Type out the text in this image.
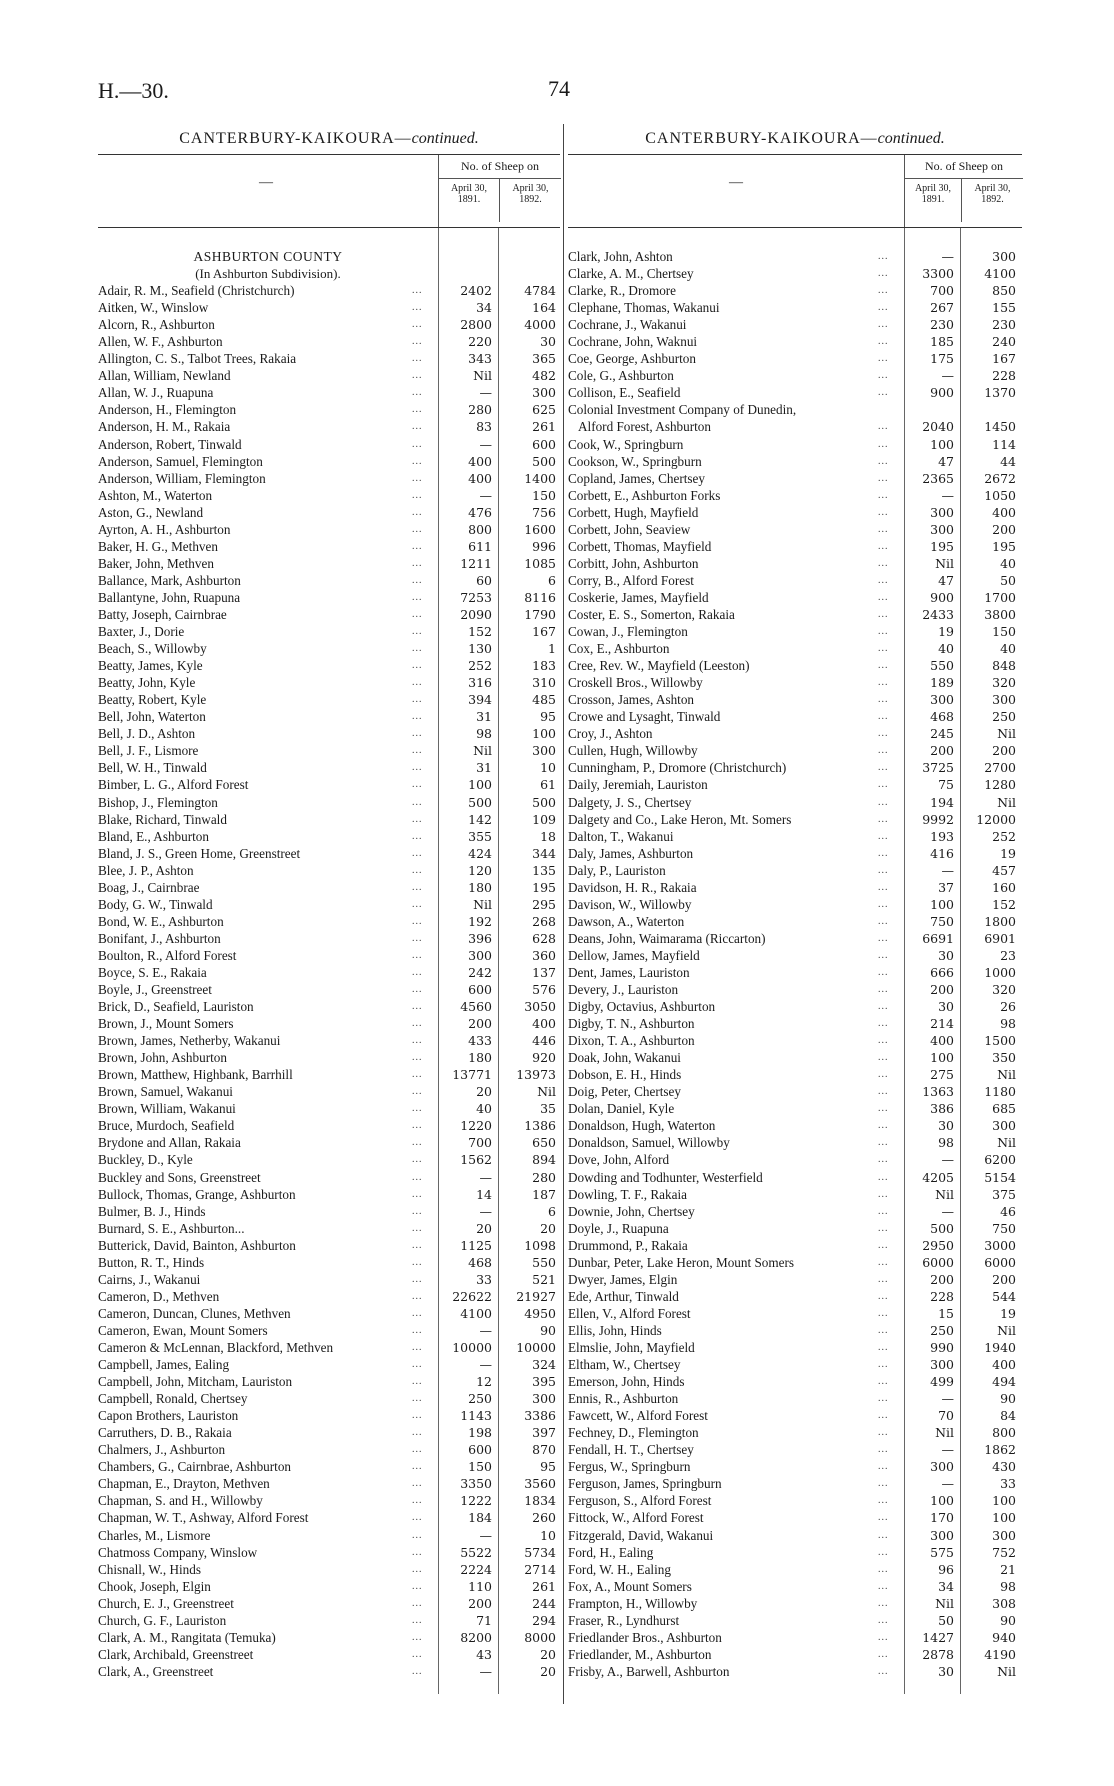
H.—30.	74
CANTERBURY-KAIKOURA—continued.
—
No. of Sheep on
April 30, 1891.
April 30, 1892.
ASHBURTON COUNTY
(In Ashburton Subdivision).
Adair, R. M., Seafield (Christchurch)	...	2402	4784
Aitken, W., Winslow	...	34	164
Alcorn, R., Ashburton	...	2800	4000
Allen, W. F., Ashburton	...	220	30
Allington, C. S., Talbot Trees, Rakaia	...	343	365
Allan, William, Newland	...	Nil	482
Allan, W. J., Ruapuna	...	—	300
Anderson, H., Flemington	...	280	625
Anderson, H. M., Rakaia	...	83	261
Anderson, Robert, Tinwald	...	—	600
Anderson, Samuel, Flemington	...	400	500
Anderson, William, Flemington	...	400	1400
Ashton, M., Waterton	...	—	150
Aston, G., Newland	...	476	756
Ayrton, A. H., Ashburton	...	800	1600
Baker, H. G., Methven	...	611	996
Baker, John, Methven	...	1211	1085
Ballance, Mark, Ashburton	...	60	6
Ballantyne, John, Ruapuna	...	7253	8116
Batty, Joseph, Cairnbrae	...	2090	1790
Baxter, J., Dorie	...	152	167
Beach, S., Willowby	...	130	1
Beatty, James, Kyle	...	252	183
Beatty, John, Kyle	...	316	310
Beatty, Robert, Kyle	...	394	485
Bell, John, Waterton	...	31	95
Bell, J. D., Ashton	...	98	100
Bell, J. F., Lismore	...	Nil	300
Bell, W. H., Tinwald	...	31	10
Bimber, L. G., Alford Forest	...	100	61
Bishop, J., Flemington	...	500	500
Blake, Richard, Tinwald	...	142	109
Bland, E., Ashburton	...	355	18
Bland, J. S., Green Home, Greenstreet	...	424	344
Blee, J. P., Ashton	...	120	135
Boag, J., Cairnbrae	...	180	195
Body, G. W., Tinwald	...	Nil	295
Bond, W. E., Ashburton	...	192	268
Bonifant, J., Ashburton	...	396	628
Boulton, R., Alford Forest	...	300	360
Boyce, S. E., Rakaia	...	242	137
Boyle, J., Greenstreet	...	600	576
Brick, D., Seafield, Lauriston	...	4560	3050
Brown, J., Mount Somers	...	200	400
Brown, James, Netherby, Wakanui	...	433	446
Brown, John, Ashburton	...	180	920
Brown, Matthew, Highbank, Barrhill	...	13771	13973
Brown, Samuel, Wakanui	...	20	Nil
Brown, William, Wakanui	...	40	35
Bruce, Murdoch, Seafield	...	1220	1386
Brydone and Allan, Rakaia	...	700	650
Buckley, D., Kyle	...	1562	894
Buckley and Sons, Greenstreet	...	—	280
Bullock, Thomas, Grange, Ashburton	...	14	187
Bulmer, B. J., Hinds	...	—	6
Burnard, S. E., Ashburton...	...	20	20
Butterick, David, Bainton, Ashburton	...	1125	1098
Button, R. T., Hinds	...	468	550
Cairns, J., Wakanui	...	33	521
Cameron, D., Methven	...	22622	21927
Cameron, Duncan, Clunes, Methven	...	4100	4950
Cameron, Ewan, Mount Somers	...	—	90
Cameron & McLennan, Blackford, Methven	...	10000	10000
Campbell, James, Ealing	...	—	324
Campbell, John, Mitcham, Lauriston	...	12	395
Campbell, Ronald, Chertsey	...	250	300
Capon Brothers, Lauriston	...	1143	3386
Carruthers, D. B., Rakaia	...	198	397
Chalmers, J., Ashburton	...	600	870
Chambers, G., Cairnbrae, Ashburton	...	150	95
Chapman, E., Drayton, Methven	...	3350	3560
Chapman, S. and H., Willowby	...	1222	1834
Chapman, W. T., Ashway, Alford Forest	...	184	260
Charles, M., Lismore	...	—	10
Chatmoss Company, Winslow	...	5522	5734
Chisnall, W., Hinds	...	2224	2714
Chook, Joseph, Elgin	...	110	261
Church, E. J., Greenstreet	...	200	244
Church, G. F., Lauriston	...	71	294
Clark, A. M., Rangitata (Temuka)	...	8200	8000
Clark, Archibald, Greenstreet	...	43	20
Clark, A., Greenstreet	...	—	20
CANTERBURY-KAIKOURA—continued.
—
No. of Sheep on
April 30, 1891.
April 30, 1892.
Clark, John, Ashton	...	—	300
Clarke, A. M., Chertsey	...	3300	4100
Clarke, R., Dromore	...	700	850
Clephane, Thomas, Wakanui	...	267	155
Cochrane, J., Wakanui	...	230	230
Cochrane, John, Waknui	...	185	240
Coe, George, Ashburton	...	175	167
Cole, G., Ashburton	...	—	228
Collison, E., Seafield	...	900	1370
Colonial Investment Company of Dunedin,
Alford Forest, Ashburton	...	2040	1450
Cook, W., Springburn	...	100	114
Cookson, W., Springburn	...	47	44
Copland, James, Chertsey	...	2365	2672
Corbett, E., Ashburton Forks	...	—	1050
Corbett, Hugh, Mayfield	...	300	400
Corbett, John, Seaview	...	300	200
Corbett, Thomas, Mayfield	...	195	195
Corbitt, John, Ashburton	...	Nil	40
Corry, B., Alford Forest	...	47	50
Coskerie, James, Mayfield	...	900	1700
Coster, E. S., Somerton, Rakaia	...	2433	3800
Cowan, J., Flemington	...	19	150
Cox, E., Ashburton	...	40	40
Cree, Rev. W., Mayfield (Leeston)	...	550	848
Croskell Bros., Willowby	...	189	320
Crosson, James, Ashton	...	300	300
Crowe and Lysaght, Tinwald	...	468	250
Croy, J., Ashton	...	245	Nil
Cullen, Hugh, Willowby	...	200	200
Cunningham, P., Dromore (Christchurch)	...	3725	2700
Daily, Jeremiah, Lauriston	...	75	1280
Dalgety, J. S., Chertsey	...	194	Nil
Dalgety and Co., Lake Heron, Mt. Somers	...	9992	12000
Dalton, T., Wakanui	...	193	252
Daly, James, Ashburton	...	416	19
Daly, P., Lauriston	...	—	457
Davidson, H. R., Rakaia	...	37	160
Davison, W., Willowby	...	100	152
Dawson, A., Waterton	...	750	1800
Deans, John, Waimarama (Riccarton)	...	6691	6901
Dellow, James, Mayfield	...	30	23
Dent, James, Lauriston	...	666	1000
Devery, J., Lauriston	...	200	320
Digby, Octavius, Ashburton	...	30	26
Digby, T. N., Ashburton	...	214	98
Dixon, T. A., Ashburton	...	400	1500
Doak, John, Wakanui	...	100	350
Dobson, E. H., Hinds	...	275	Nil
Doig, Peter, Chertsey	...	1363	1180
Dolan, Daniel, Kyle	...	386	685
Donaldson, Hugh, Waterton	...	30	300
Donaldson, Samuel, Willowby	...	98	Nil
Dove, John, Alford	...	—	6200
Dowding and Todhunter, Westerfield	...	4205	5154
Dowling, T. F., Rakaia	...	Nil	375
Downie, John, Chertsey	...	—	46
Doyle, J., Ruapuna	...	500	750
Drummond, P., Rakaia	...	2950	3000
Dunbar, Peter, Lake Heron, Mount Somers	...	6000	6000
Dwyer, James, Elgin	...	200	200
Ede, Arthur, Tinwald	...	228	544
Ellen, V., Alford Forest	...	15	19
Ellis, John, Hinds	...	250	Nil
Elmslie, John, Mayfield	...	990	1940
Eltham, W., Chertsey	...	300	400
Emerson, John, Hinds	...	499	494
Ennis, R., Ashburton	...	—	90
Fawcett, W., Alford Forest	...	70	84
Fechney, D., Flemington	...	Nil	800
Fendall, H. T., Chertsey	...	—	1862
Fergus, W., Springburn	...	300	430
Ferguson, James, Springburn	...	—	33
Ferguson, S., Alford Forest	...	100	100
Fittock, W., Alford Forest	...	170	100
Fitzgerald, David, Wakanui	...	300	300
Ford, H., Ealing	...	575	752
Ford, W. H., Ealing	...	96	21
Fox, A., Mount Somers	...	34	98
Frampton, H., Willowby	...	Nil	308
Fraser, R., Lyndhurst	...	50	90
Friedlander Bros., Ashburton	...	1427	940
Friedlander, M., Ashburton	...	2878	4190
Frisby, A., Barwell, Ashburton	...	30	Nil
